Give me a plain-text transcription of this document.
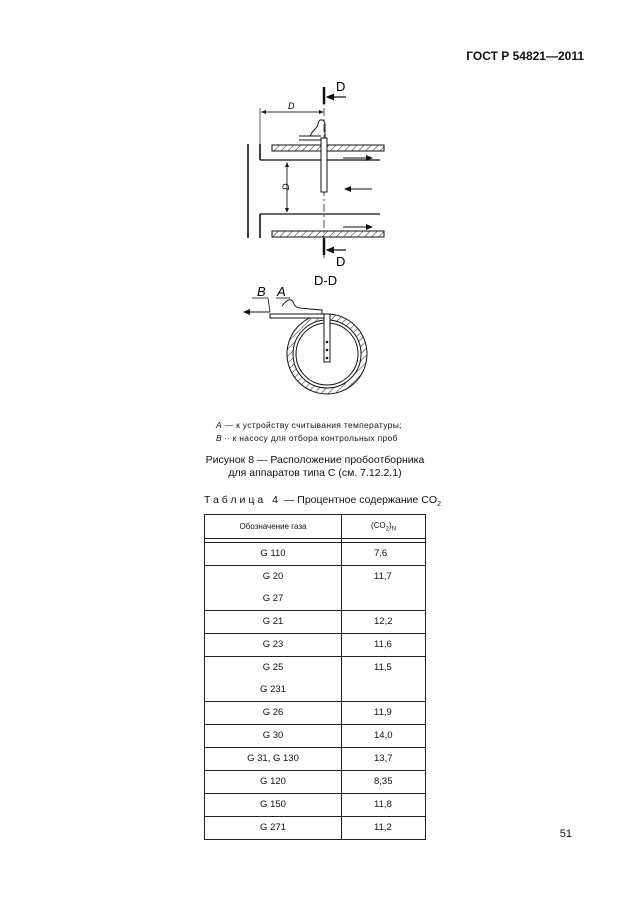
ГОСТ Р 54821—2011
D
D
D
D
D-D
B A
A — к устройству считывания температуры;
B ∙∙ к насосу для отбора контрольных проб
Рисунок 8 — Расположение пробоотборника
для аппаратов типа С (см. 7.12.2.1)
Таблица 4 — Процентное содержание $CO_2$
Обозначение газа	$(CO_2)_N$

G 110	7,6

G 20
G 27	11,7

G 21	12,2

G 23	11,6

G 25
G 231	11,5

G 26	11,9

G 30	14,0

G 31, G 130	13,7

G 120	8,35

G 150	11,8

G 271	11,2
51
